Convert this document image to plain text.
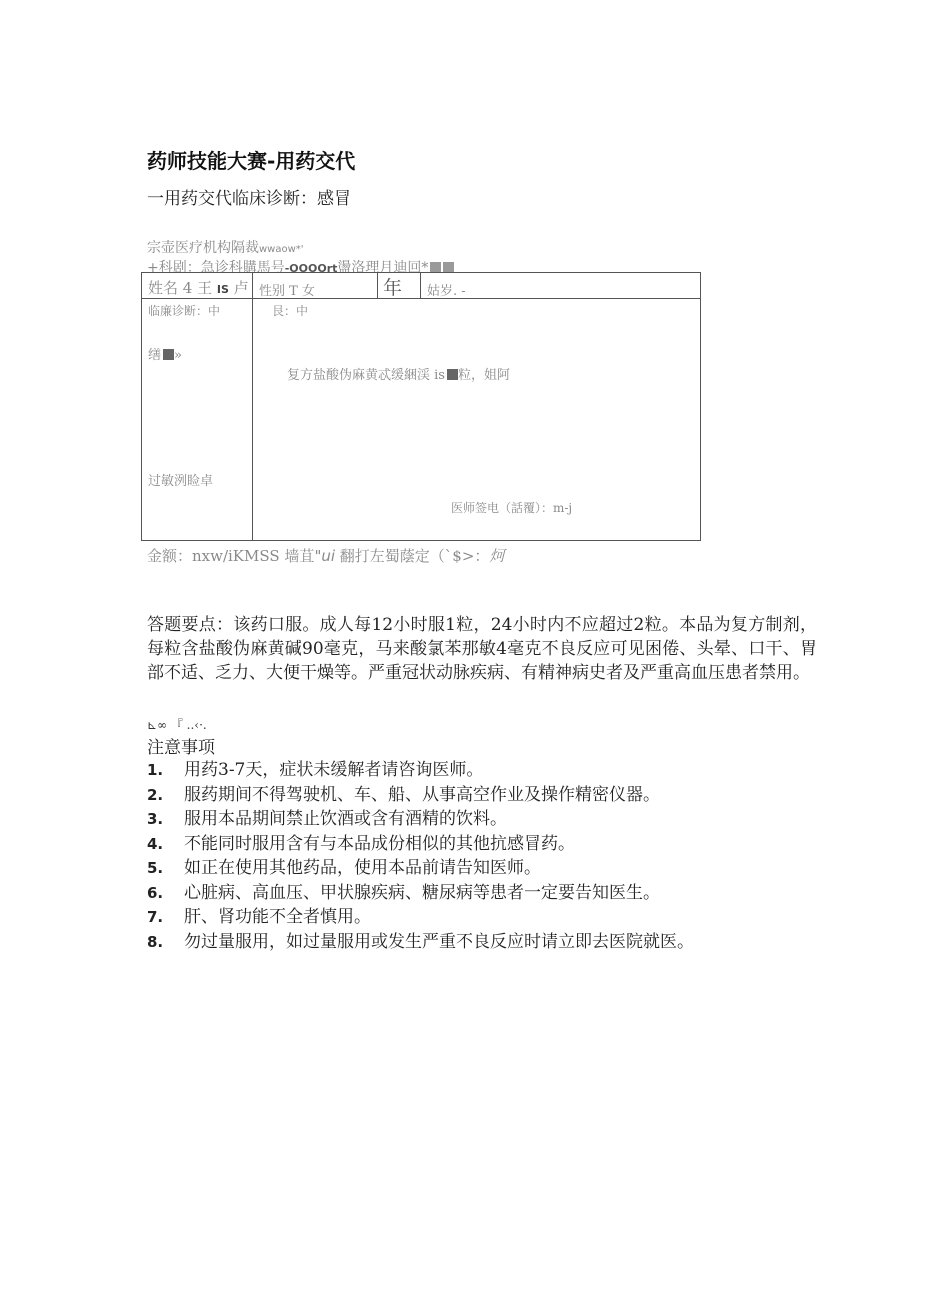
药师技能大赛-用药交代
一用药交代临床诊断：感冒
宗壶医疗机构隔裁wwaow*'
+科剧：急诊科購馬号-OOOOrt盪洛理月迪回*
姓名 4 王 IS 卢 性别 T 女	年 姑岁. -
临廉诊断：中	艮：中
缮 »
复方盐酸伪麻黄忒缓綑渓 is 粒，姐阿
过敏洌睑卓
医师签电（話覆）：m-j
金额：nxw/iKMSS 墙苴"ui 翻打左蜀蔭定（`$>：炣
答题要点：该药口服。成人每12小时服1粒，24小时内不应超过2粒。本品为复方制剂，每粒含盐酸伪麻黄碱90毫克，马来酸氯苯那敏4毫克不良反应可见困倦、头晕、口干、胃部不适、乏力、大便干燥等。严重冠状动脉疾病、有精神病史者及严重高血压患者禁用。
⊾∞ 『 ..‹·.
注意事项
1. 用药3-7天，症状未缓解者请咨询医师。
2. 服药期间不得驾驶机、车、船、从事高空作业及操作精密仪器。
3. 服用本品期间禁止饮酒或含有酒精的饮料。
4. 不能同时服用含有与本品成份相似的其他抗感冒药。
5. 如正在使用其他药品，使用本品前请告知医师。
6. 心脏病、高血压、甲状腺疾病、糖尿病等患者一定要告知医生。
7. 肝、肾功能不全者慎用。
8. 勿过量服用，如过量服用或发生严重不良反应时请立即去医院就医。
